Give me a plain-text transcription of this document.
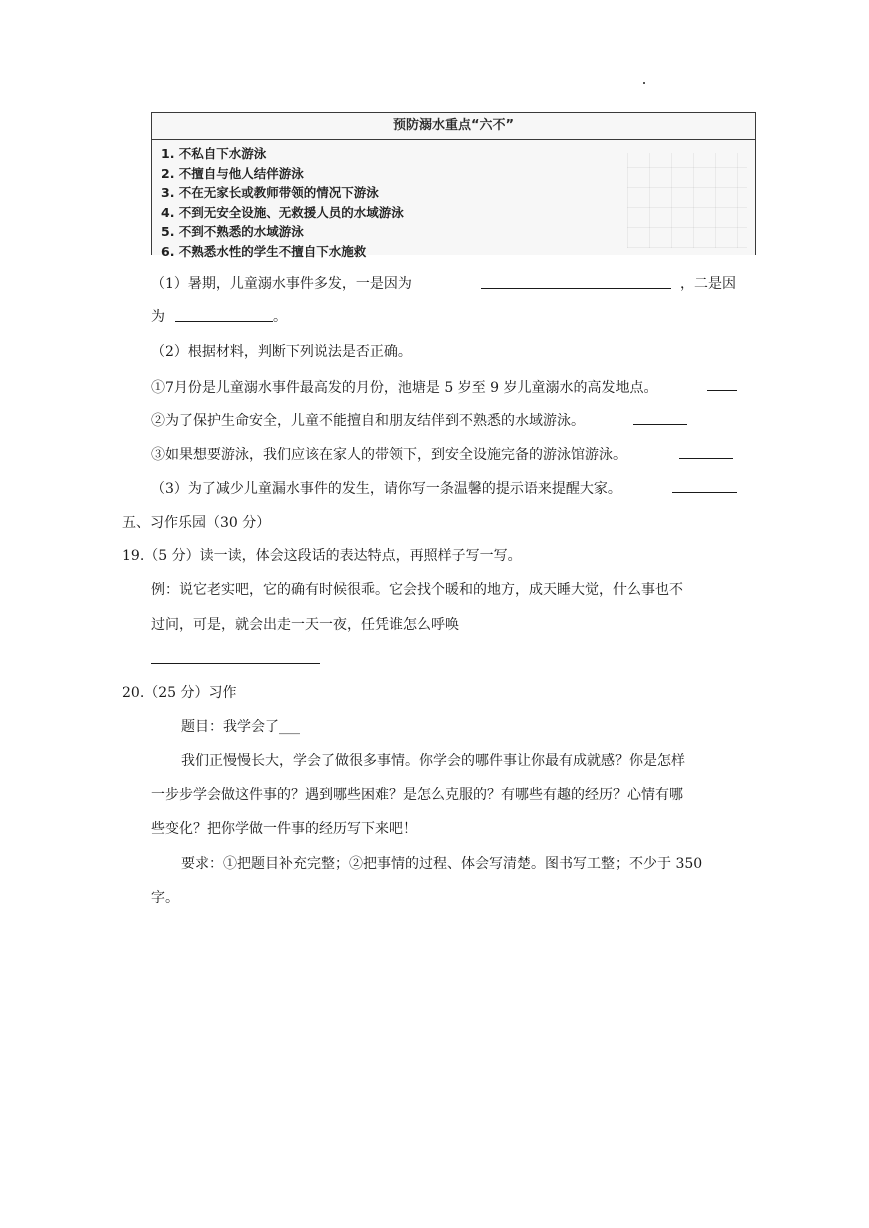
预防溺水重点“六不”
1. 不私自下水游泳
2. 不擅自与他人结伴游泳
3. 不在无家长或教师带领的情况下游泳
4. 不到无安全设施、无救援人员的水域游泳
5. 不到不熟悉的水域游泳
6. 不熟悉水性的学生不擅自下水施救
（1）暑期，儿童溺水事件多发，一是因为	，二是因
为	。
（2）根据材料，判断下列说法是否正确。
①7月份是儿童溺水事件最高发的月份，池塘是 5 岁至 9 岁儿童溺水的高发地点。
②为了保护生命安全，儿童不能擅自和朋友结伴到不熟悉的水域游泳。
③如果想要游泳，我们应该在家人的带领下，到安全设施完备的游泳馆游泳。
（3）为了减少儿童漏水事件的发生，请你写一条温馨的提示语来提醒大家。
五、习作乐园（30 分）
19.（5 分）读一读，体会这段话的表达特点，再照样子写一写。
例：说它老实吧，它的确有时候很乖。它会找个暖和的地方，成天睡大觉，什么事也不
过问，可是，就会出走一天一夜，任凭谁怎么呼唤
20.（25 分）习作
题目：我学会了___
我们正慢慢长大，学会了做很多事情。你学会的哪件事让你最有成就感？你是怎样
一步步学会做这件事的？遇到哪些困难？是怎么克服的？有哪些有趣的经历？心情有哪
些变化？把你学做一件事的经历写下来吧！
要求：①把题目补充完整；②把事情的过程、体会写清楚。图书写工整；不少于 350
字。
